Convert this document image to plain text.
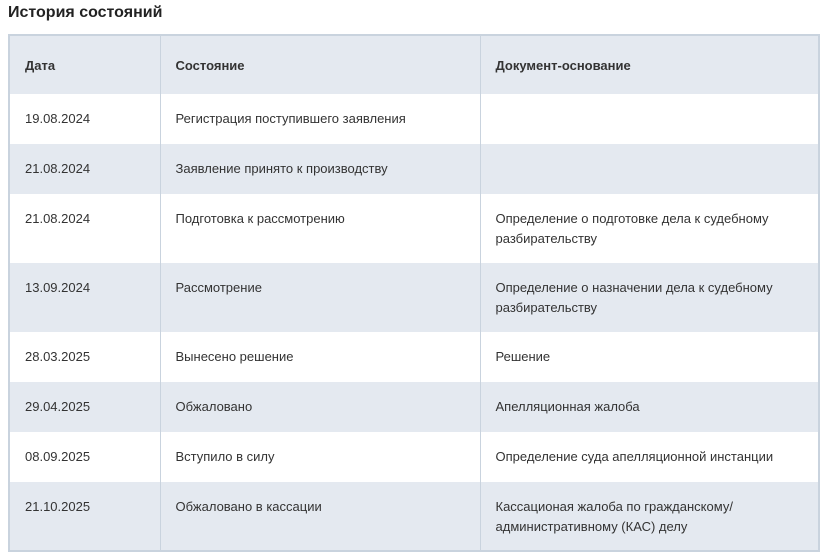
История состояний
Дата	Состояние	Документ-основание
19.08.2024	Регистрация поступившего заявления	
21.08.2024	Заявление принято к производству	
21.08.2024	Подготовка к рассмотрению	Определение о подготовке дела к судебному разбирательству
13.09.2024	Рассмотрение	Определение о назначении дела к судебному разбирательству
28.03.2025	Вынесено решение	Решение
29.04.2025	Обжаловано	Апелляционная жалоба
08.09.2025	Вступило в силу	Определение суда апелляционной инстанции
21.10.2025	Обжаловано в кассации	Кассационая жалоба по гражданскому/ административному (КАС) делу
